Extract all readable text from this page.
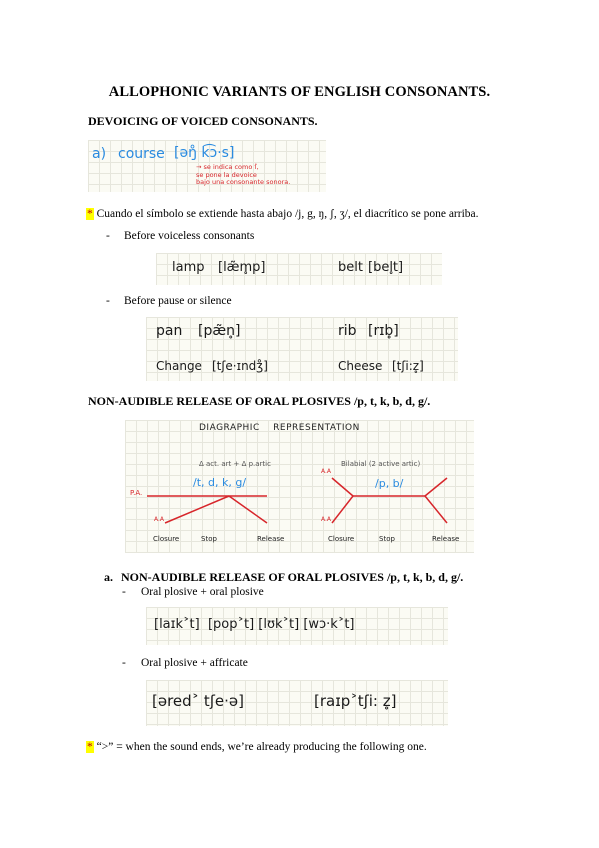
ALLOPHONIC VARIANTS OF ENGLISH CONSONANTS.
DEVOICING OF VOICED CONSONANTS.
a) course [ǝŋ̊ k͡ɔ·s]
→ se indica como ẛ,
se pone la devoice
bajo una consonante sonora.
* Cuando el símbolo se extiende hasta abajo /j, g, ŋ, ʃ, ʒ/, el diacrítico se pone arriba.
- Before voiceless consonants
lamp [læ̃m̥p]	belt [bel̥t]
- Before pause or silence
pan [pæ̃n̥]	rib [rɪb̥]
Change [tʃe·ɪndʒ̊]	Cheese [tʃi:z̥]
NON-AUDIBLE RELEASE OF ORAL PLOSIVES /p, t, k, b, d, g/.
DIAGRAPHIC    REPRESENTATION
Δ act. art + Δ p.artic
/t, d, k, g/
Bilabial (2 active artic)
/p, b/
P.A.
A.A
A.A
A.A
Closure	Stop	Release	Closure	Stop	Release
a. NON-AUDIBLE RELEASE OF ORAL PLOSIVES /p, t, k, b, d, g/.
- Oral plosive + oral plosive
[laɪk˃t]  [pop˃t] [lʊk˃t] [wɔ·k˃t]
- Oral plosive + affricate
[ǝred˃ tʃe·ǝ]	[raɪp˃tʃi: z̥]
* “>” = when the sound ends, we’re already producing the following one.
